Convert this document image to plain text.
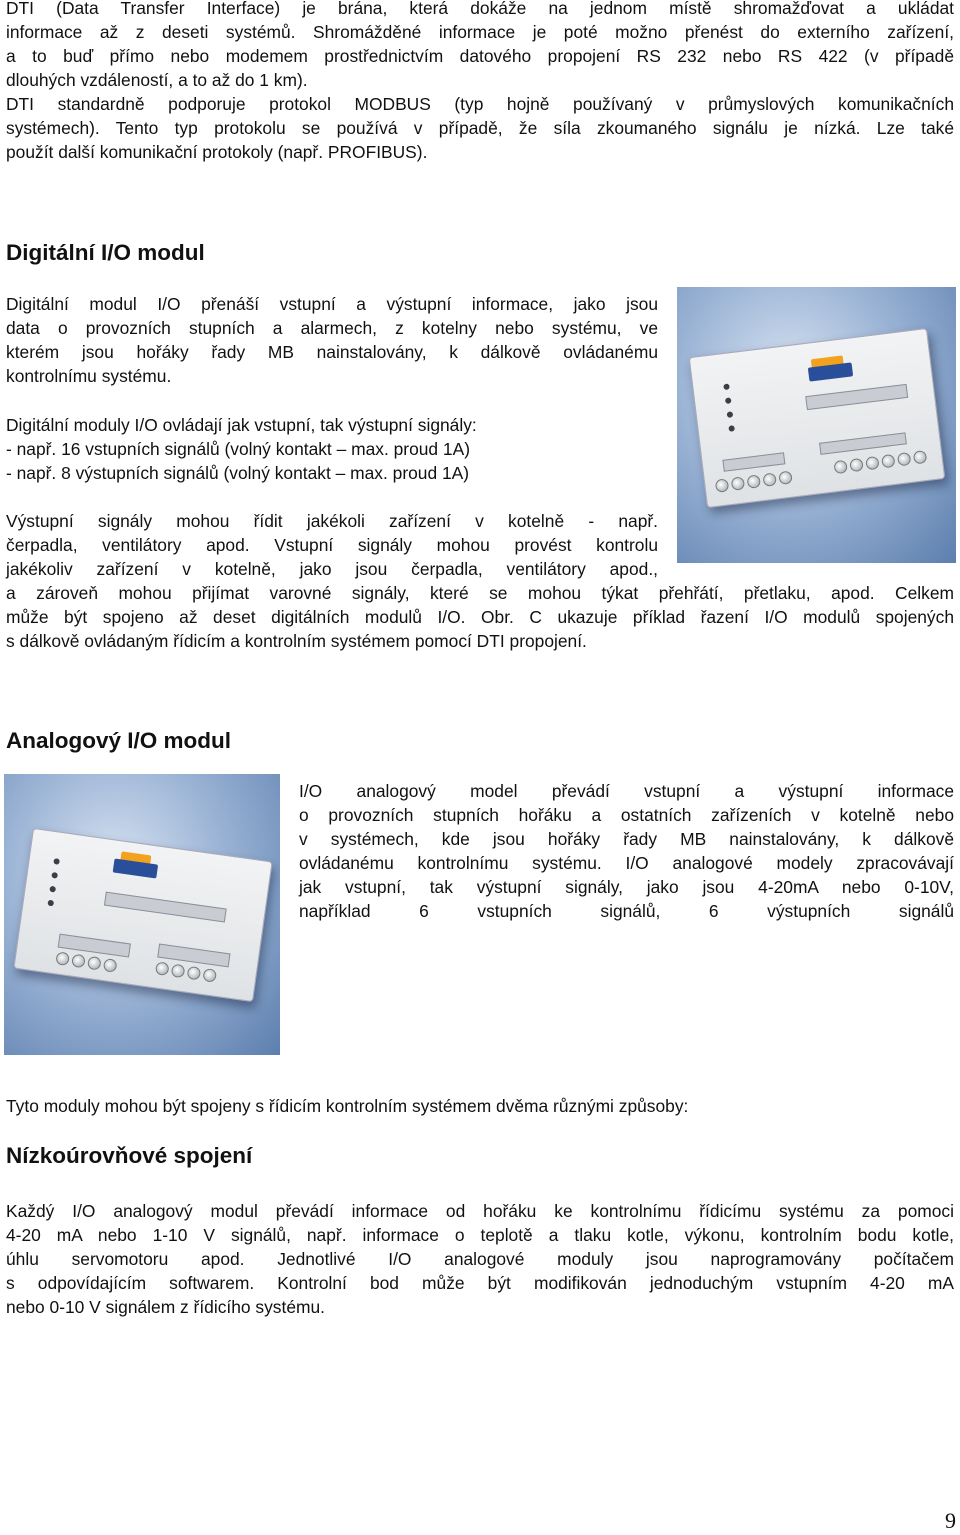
DTI (Data Transfer Interface) je brána, která dokáže na jednom místě shromažďovat a ukládat
informace až z deseti systémů. Shromážděné informace je poté možno přenést do externího zařízení,
a to buď přímo nebo modemem prostřednictvím datového propojení RS 232 nebo RS 422 (v případě
dlouhých vzdáleností, a to až do 1 km).
DTI standardně podporuje protokol MODBUS (typ hojně používaný v průmyslových komunikačních
systémech). Tento typ protokolu se používá v případě, že síla zkoumaného signálu je nízká. Lze také
použít další komunikační protokoly (např. PROFIBUS).
Digitální I/O modul
Digitální modul I/O přenáší vstupní a výstupní informace, jako jsou
data o provozních stupních a alarmech, z kotelny nebo systému, ve
kterém jsou hořáky řady MB nainstalovány, k dálkově ovládanému
kontrolnímu systému.
Digitální moduly I/O ovládají jak vstupní, tak výstupní signály:
- např. 16 vstupních signálů (volný kontakt – max. proud 1A)
- např. 8 výstupních signálů (volný kontakt – max. proud 1A)
Výstupní signály mohou řídit jakékoli zařízení v kotelně - např.
čerpadla, ventilátory apod. Vstupní signály mohou provést kontrolu
jakékoliv zařízení v kotelně, jako jsou čerpadla, ventilátory apod.,
a zároveň mohou přijímat varovné signály, které se mohou týkat přehřátí, přetlaku, apod. Celkem
může být spojeno až deset digitálních modulů I/O. Obr. C ukazuje příklad řazení I/O modulů spojených
s dálkově ovládaným řídicím a kontrolním systémem pomocí DTI propojení.
Analogový I/O modul
I/O analogový model převádí vstupní a výstupní informace
o provozních stupních hořáku a ostatních zařízeních v kotelně nebo
v systémech, kde jsou hořáky řady MB nainstalovány, k dálkově
ovládanému kontrolnímu systému. I/O analogové modely zpracovávají
jak vstupní, tak výstupní signály, jako jsou 4-20mA nebo 0-10V,
například 6 vstupních signálů, 6 výstupních signálů
Tyto moduly mohou být spojeny s řídicím kontrolním systémem dvěma různými způsoby:
Nízkoúrovňové spojení
Každý I/O analogový modul převádí informace od hořáku ke kontrolnímu řídicímu systému za pomoci
4-20 mA nebo 1-10 V signálů, např. informace o teplotě a tlaku kotle, výkonu, kontrolním bodu kotle,
úhlu servomotoru apod. Jednotlivé I/O analogové moduly jsou naprogramovány počítačem
s odpovídajícím softwarem. Kontrolní bod může být modifikován jednoduchým vstupním 4-20 mA
nebo 0-10 V signálem z řídicího systému.
9
